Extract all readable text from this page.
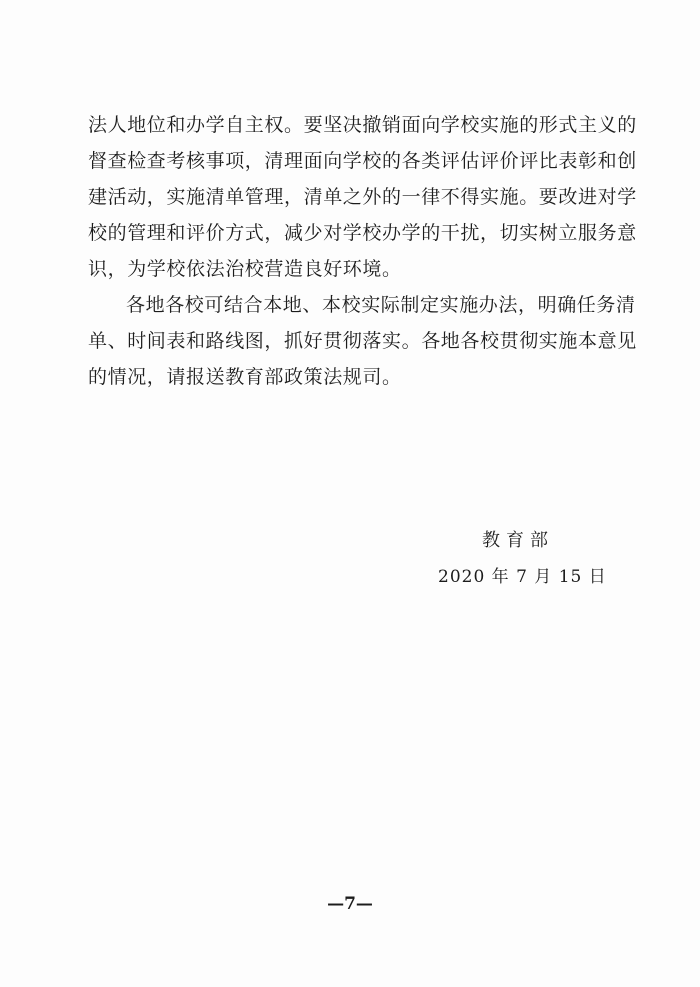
法人地位和办学自主权。要坚决撤销面向学校实施的形式主义的
督查检查考核事项，清理面向学校的各类评估评价评比表彰和创
建活动，实施清单管理，清单之外的一律不得实施。要改进对学
校的管理和评价方式，减少对学校办学的干扰，切实树立服务意
识，为学校依法治校营造良好环境。
各地各校可结合本地、本校实际制定实施办法，明确任务清
单、时间表和路线图，抓好贯彻落实。各地各校贯彻实施本意见
的情况，请报送教育部政策法规司。
教育部
2020 年 7 月 15 日
—7—
